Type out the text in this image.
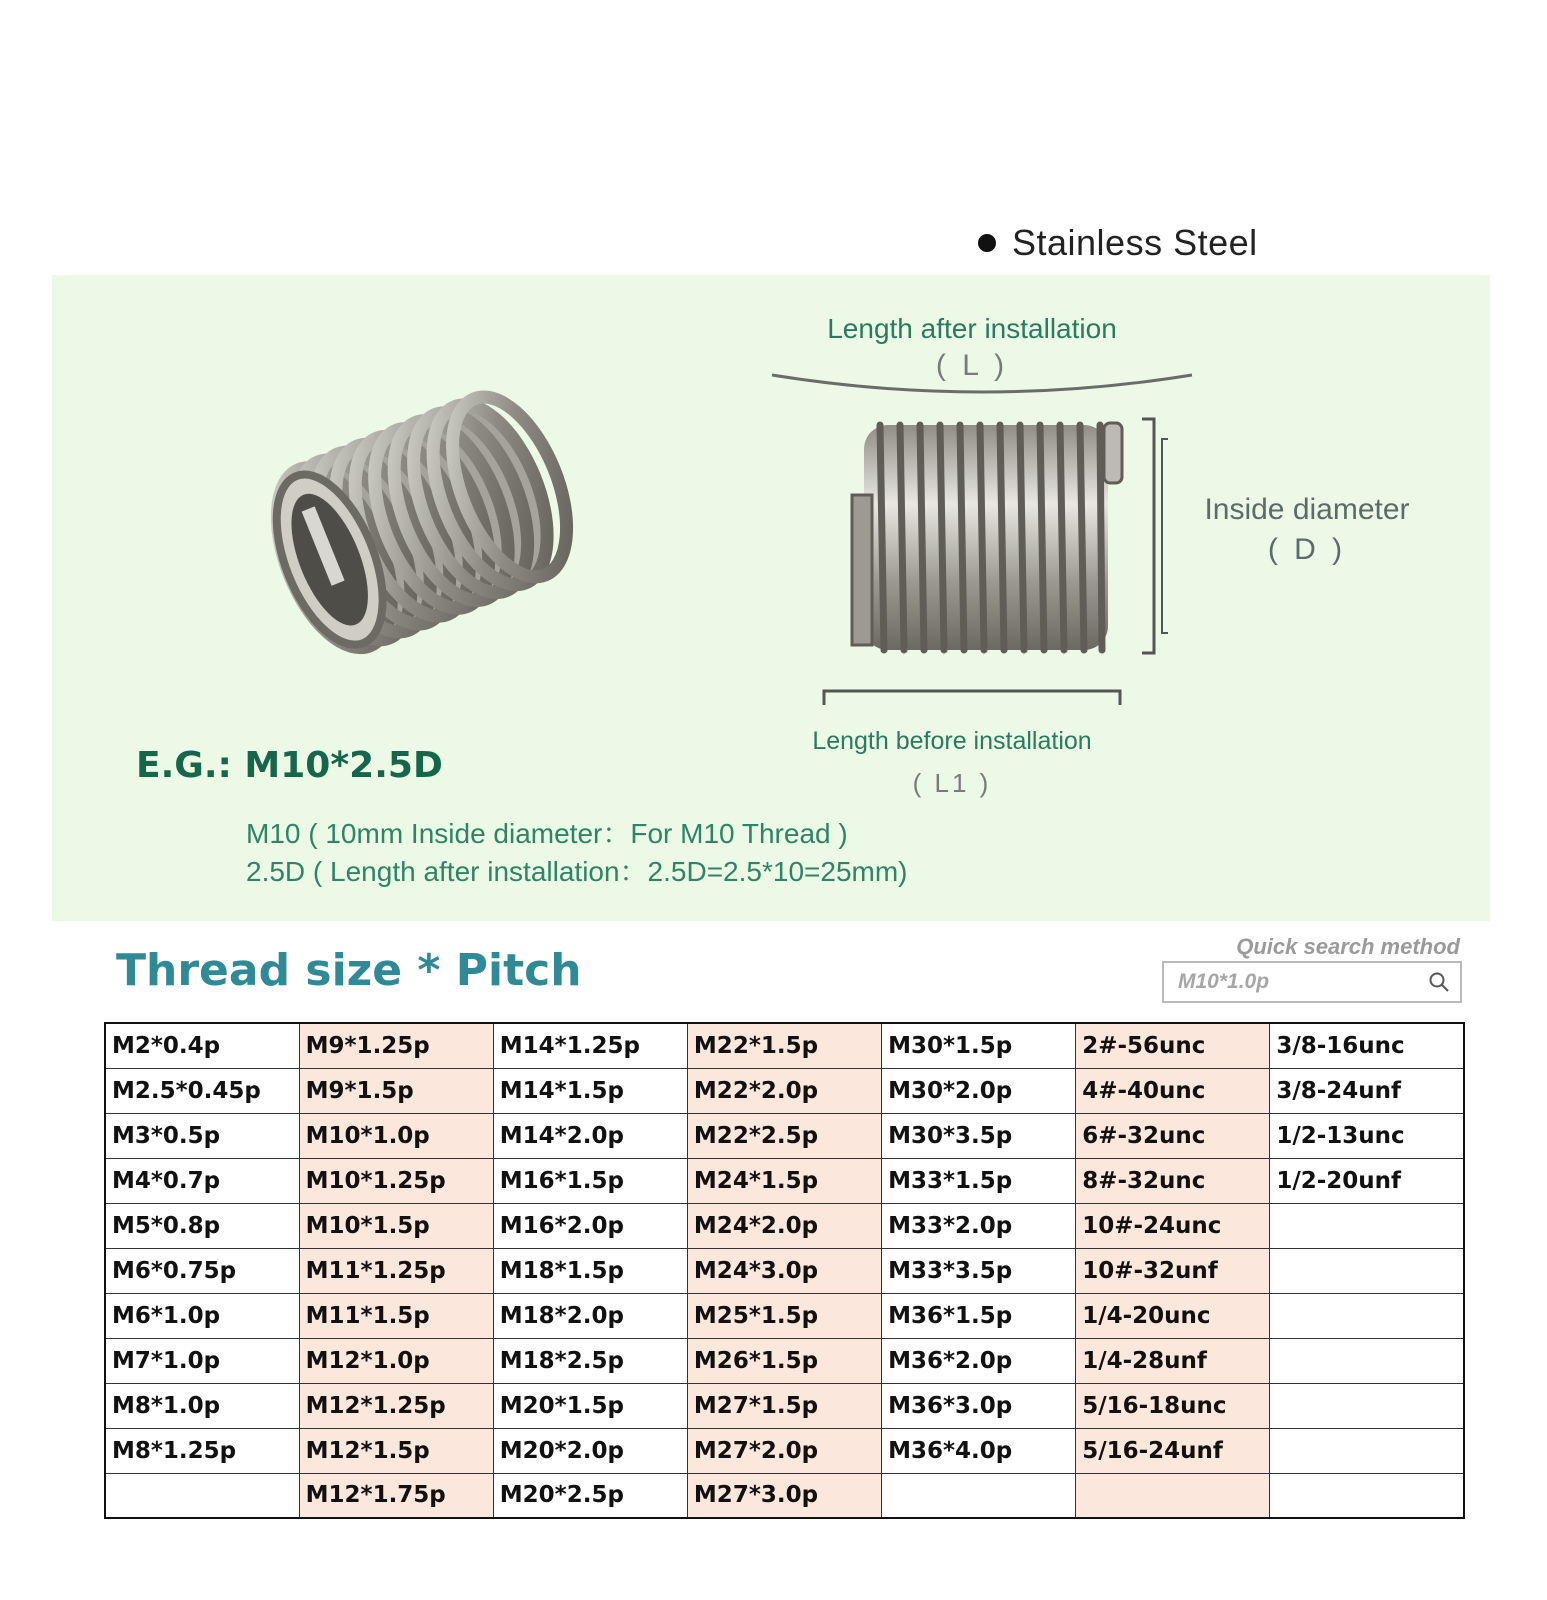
Stainless Steel
Length after installation
( L )
Inside diameter
( D )
Length before installation
( L1 )
E.G.: M10*2.5D
M10 ( 10mm Inside diameter：For M10 Thread )
2.5D ( Length after installation：2.5D=2.5*10=25mm)
Thread size * Pitch	Quick search method
M10*1.0p
M2*0.4p	M9*1.25p	M14*1.25p	M22*1.5p	M30*1.5p	2#-56unc	3/8-16unc
M2.5*0.45p	M9*1.5p	M14*1.5p	M22*2.0p	M30*2.0p	4#-40unc	3/8-24unf
M3*0.5p	M10*1.0p	M14*2.0p	M22*2.5p	M30*3.5p	6#-32unc	1/2-13unc
M4*0.7p	M10*1.25p	M16*1.5p	M24*1.5p	M33*1.5p	8#-32unc	1/2-20unf
M5*0.8p	M10*1.5p	M16*2.0p	M24*2.0p	M33*2.0p	10#-24unc	
M6*0.75p	M11*1.25p	M18*1.5p	M24*3.0p	M33*3.5p	10#-32unf	
M6*1.0p	M11*1.5p	M18*2.0p	M25*1.5p	M36*1.5p	1/4-20unc	
M7*1.0p	M12*1.0p	M18*2.5p	M26*1.5p	M36*2.0p	1/4-28unf	
M8*1.0p	M12*1.25p	M20*1.5p	M27*1.5p	M36*3.0p	5/16-18unc	
M8*1.25p	M12*1.5p	M20*2.0p	M27*2.0p	M36*4.0p	5/16-24unf	
	M12*1.75p	M20*2.5p	M27*3.0p			
